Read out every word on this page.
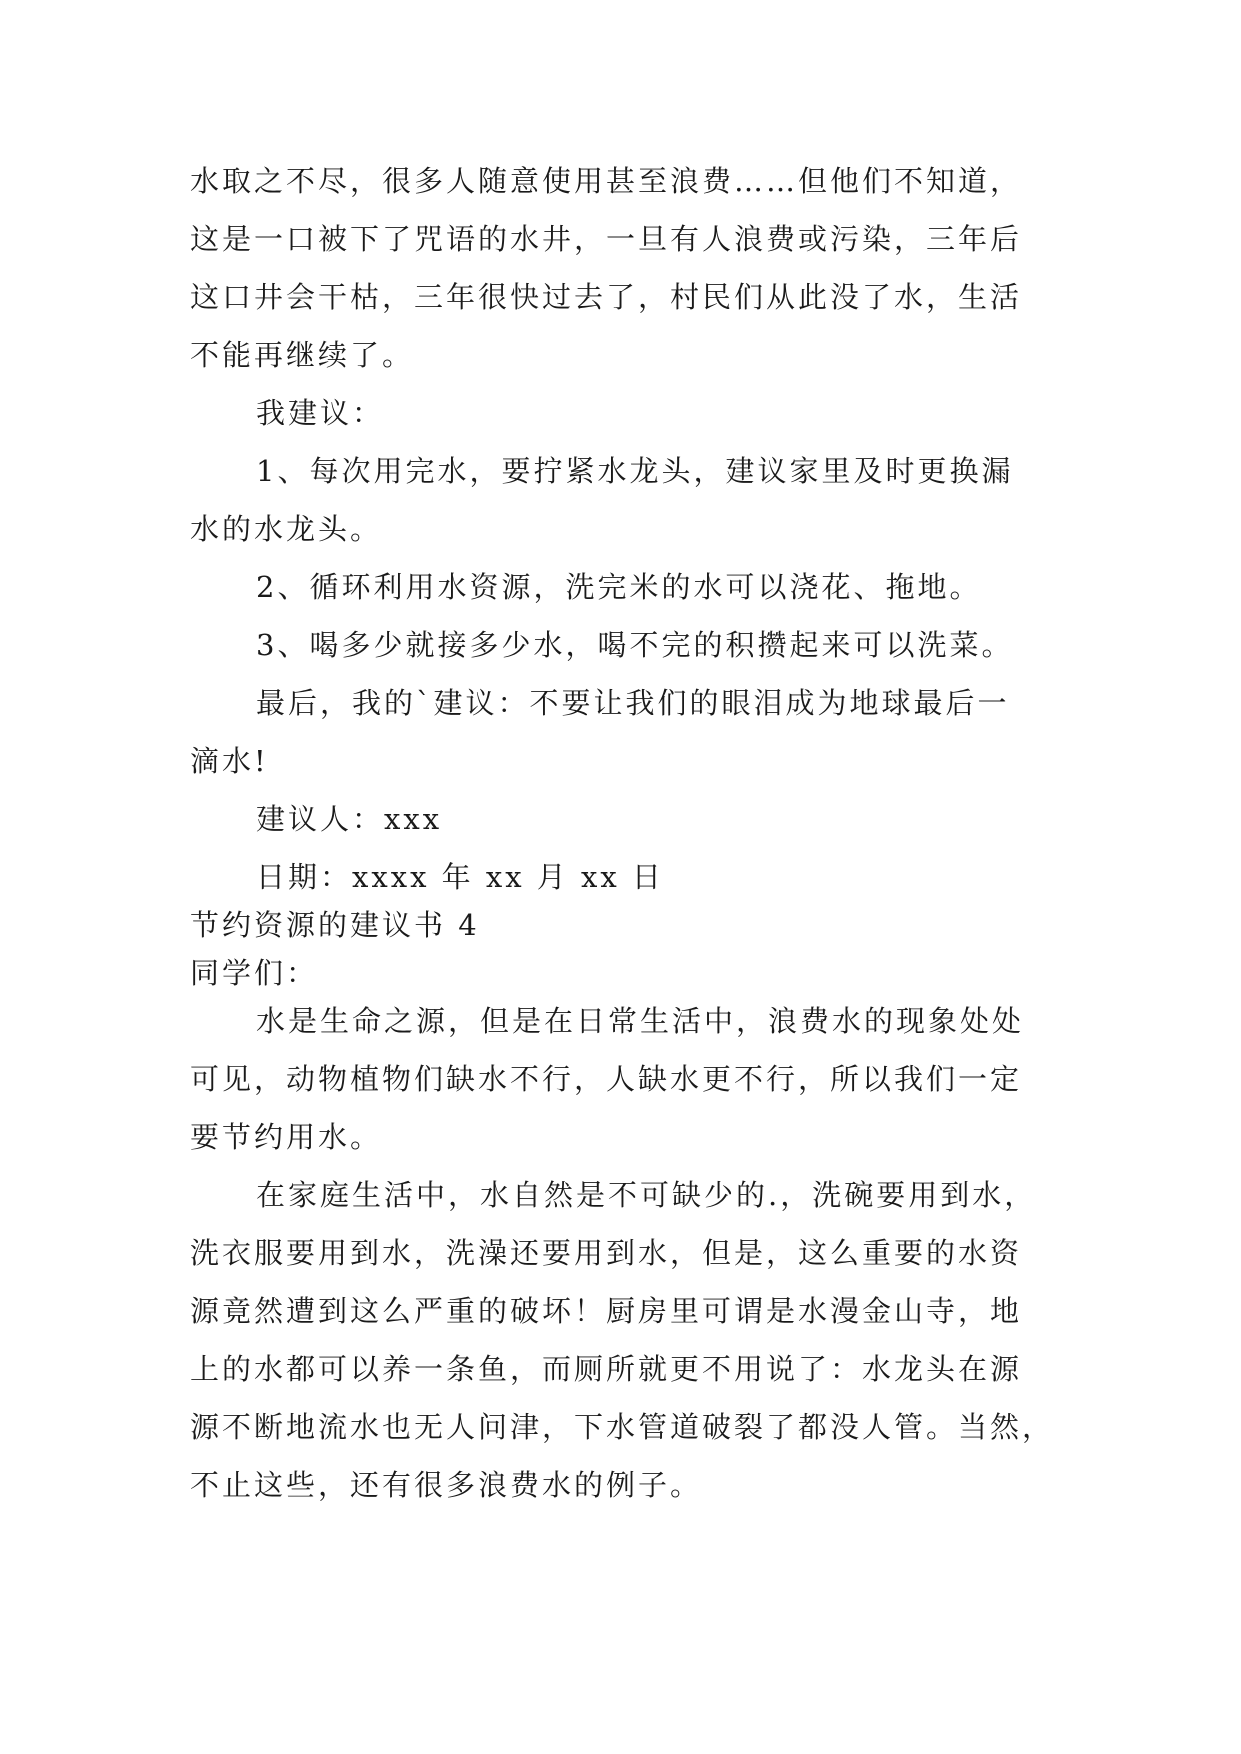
水取之不尽，很多人随意使用甚至浪费……但他们不知道，
这是一口被下了咒语的水井，一旦有人浪费或污染，三年后
这口井会干枯，三年很快过去了，村民们从此没了水，生活
不能再继续了。
我建议：
1、每次用完水，要拧紧水龙头，建议家里及时更换漏
水的水龙头。
2、循环利用水资源，洗完米的水可以浇花、拖地。
3、喝多少就接多少水，喝不完的积攒起来可以洗菜。
最后，我的`建议：不要让我们的眼泪成为地球最后一
滴水!
建议人：xxx
日期：xxxx 年 xx 月 xx 日
节约资源的建议书 4
同学们：
水是生命之源，但是在日常生活中，浪费水的现象处处
可见，动物植物们缺水不行，人缺水更不行，所以我们一定
要节约用水。
在家庭生活中，水自然是不可缺少的.，洗碗要用到水，
洗衣服要用到水，洗澡还要用到水，但是，这么重要的水资
源竟然遭到这么严重的破坏！厨房里可谓是水漫金山寺，地
上的水都可以养一条鱼，而厕所就更不用说了：水龙头在源
源不断地流水也无人问津，下水管道破裂了都没人管。当然，
不止这些，还有很多浪费水的例子。
